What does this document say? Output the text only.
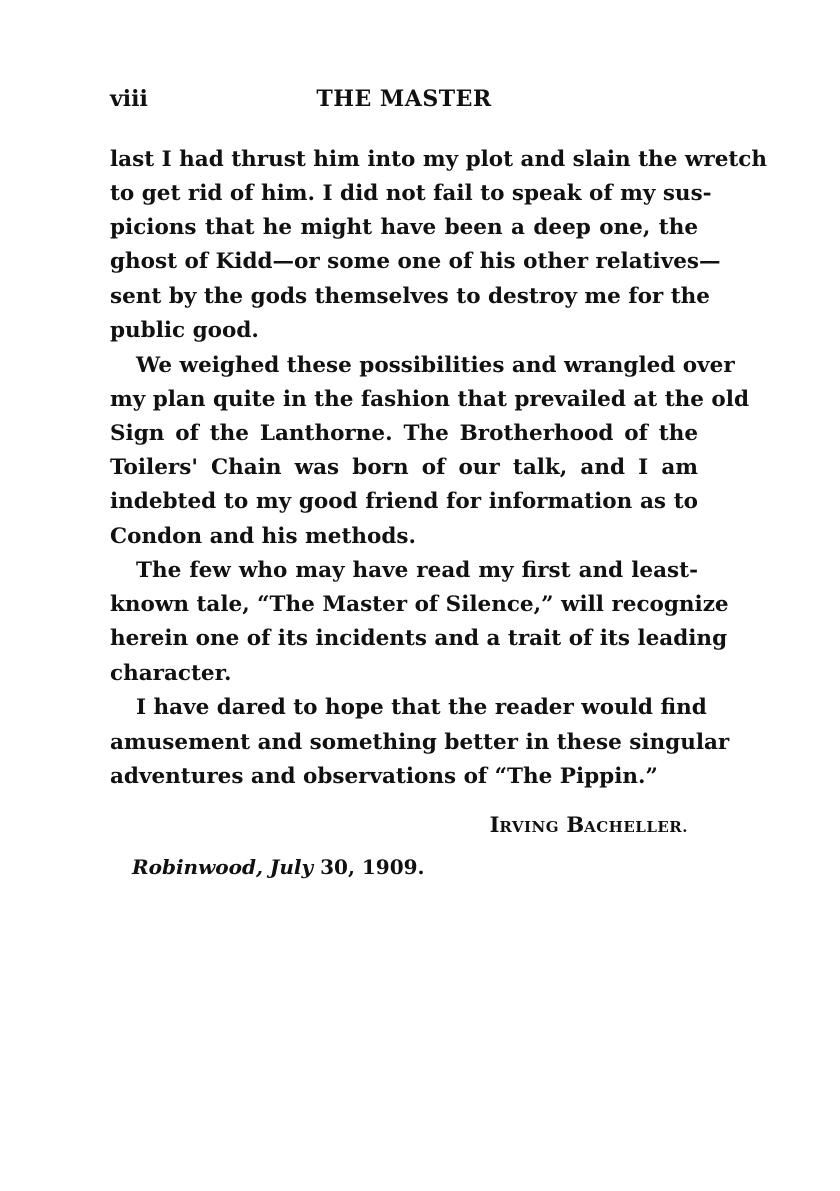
viii	THE MASTER
last I had thrust him into my plot and slain the wretch
to get rid of him. I did not fail to speak of my sus-
picions that he might have been a deep one, the
ghost of Kidd—or some one of his other relatives—
sent by the gods themselves to destroy me for the
public good.
We weighed these possibilities and wrangled over
my plan quite in the fashion that prevailed at the old
Sign of the Lanthorne. The Brotherhood of the
Toilers' Chain was born of our talk, and I am
indebted to my good friend for information as to
Condon and his methods.
The few who may have read my first and least-
known tale, “The Master of Silence,” will recognize
herein one of its incidents and a trait of its leading
character.
I have dared to hope that the reader would find
amusement and something better in these singular
adventures and observations of “The Pippin.”
IRVING BACHELLER.
Robinwood, July 30, 1909.
